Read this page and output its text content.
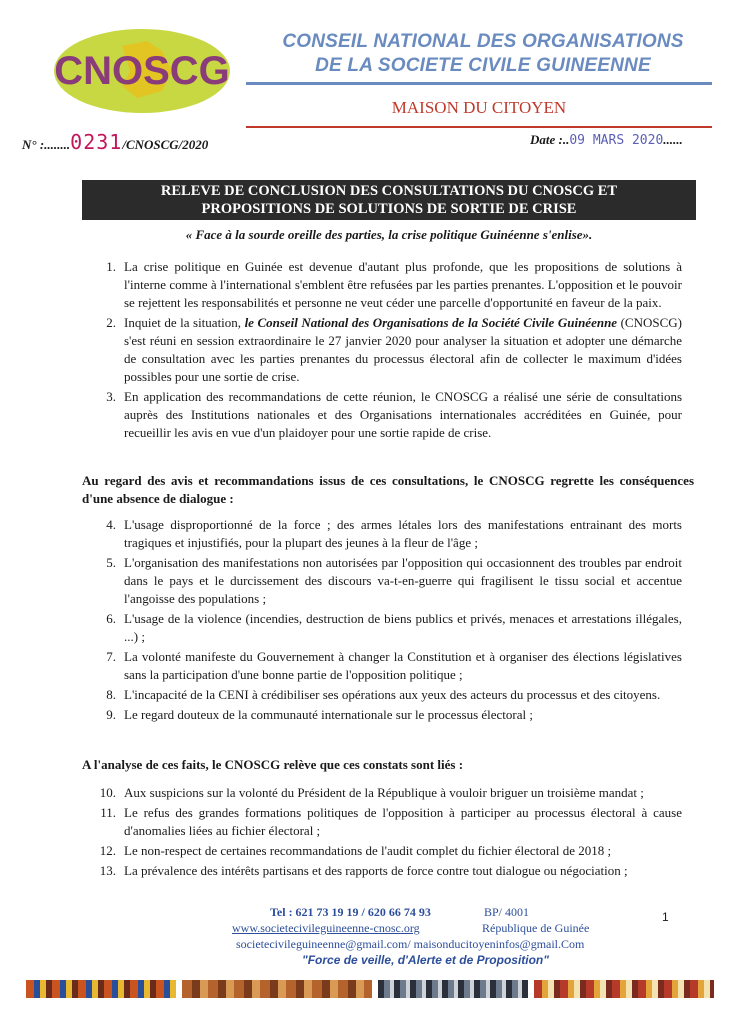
CNOSCG
CONSEIL NATIONAL DES ORGANISATIONS
DE LA SOCIETE CIVILE GUINEENNE
MAISON DU CITOYEN
N° :........0231/CNOSCG/2020	Date :..09 MARS 2020......
RELEVE DE CONCLUSION DES CONSULTATIONS DU CNOSCG ET
PROPOSITIONS DE SOLUTIONS DE SORTIE DE CRISE
« Face à la sourde oreille des parties, la crise politique Guinéenne s'enlise».
1. La crise politique en Guinée est devenue d'autant plus profonde, que les propositions de solutions à l'interne comme à l'international s'emblent être refusées par les parties prenantes. L'opposition et le pouvoir se rejettent les responsabilités et personne ne veut céder une parcelle d'opportunité en faveur de la paix.
2. Inquiet de la situation, le Conseil National des Organisations de la Société Civile Guinéenne (CNOSCG) s'est réuni en session extraordinaire le 27 janvier 2020 pour analyser la situation et adopter une démarche de consultation avec les parties prenantes du processus électoral afin de collecter le maximum d'idées possibles pour une sortie de crise.
3. En application des recommandations de cette réunion, le CNOSCG a réalisé une série de consultations auprès des Institutions nationales et des Organisations internationales accréditées en Guinée, pour recueillir les avis en vue d'un plaidoyer pour une sortie rapide de crise.
Au regard des avis et recommandations issus de ces consultations, le CNOSCG regrette les conséquences d'une absence de dialogue :
4. L'usage disproportionné de la force ; des armes létales lors des manifestations entrainant des morts tragiques et injustifiés, pour la plupart des jeunes à la fleur de l'âge ;
5. L'organisation des manifestations non autorisées par l'opposition qui occasionnent des troubles par endroit dans le pays et le durcissement des discours va-t-en-guerre qui fragilisent le tissu social et accentue l'angoisse des populations ;
6. L'usage de la violence (incendies, destruction de biens publics et privés, menaces et arrestations illégales, ...) ;
7. La volonté manifeste du Gouvernement à changer la Constitution et à organiser des élections législatives sans la participation d'une bonne partie de l'opposition politique ;
8. L'incapacité de la CENI à crédibiliser ses opérations aux yeux des acteurs du processus et des citoyens.
9. Le regard douteux de la communauté internationale sur le processus électoral ;
A l'analyse de ces faits, le CNOSCG relève que ces constats sont liés :
10. Aux suspicions sur la volonté du Président de la République à vouloir briguer un troisième mandat ;
11. Le refus des grandes formations politiques de l'opposition à participer au processus électoral à cause d'anomalies liées au fichier électoral ;
12. Le non-respect de certaines recommandations de l'audit complet du fichier électoral de 2018 ;
13. La prévalence des intérêts partisans et des rapports de force contre tout dialogue ou négociation ;
Tel : 621 73 19 19 / 620 66 74 93	BP/ 4001
www.societecivileguineenne-cnosc.org	République de Guinée
societecivileguineenne@gmail.com/ maisonducitoyeninfos@gmail.Com
"Force de veille, d'Alerte et de Proposition"
1
